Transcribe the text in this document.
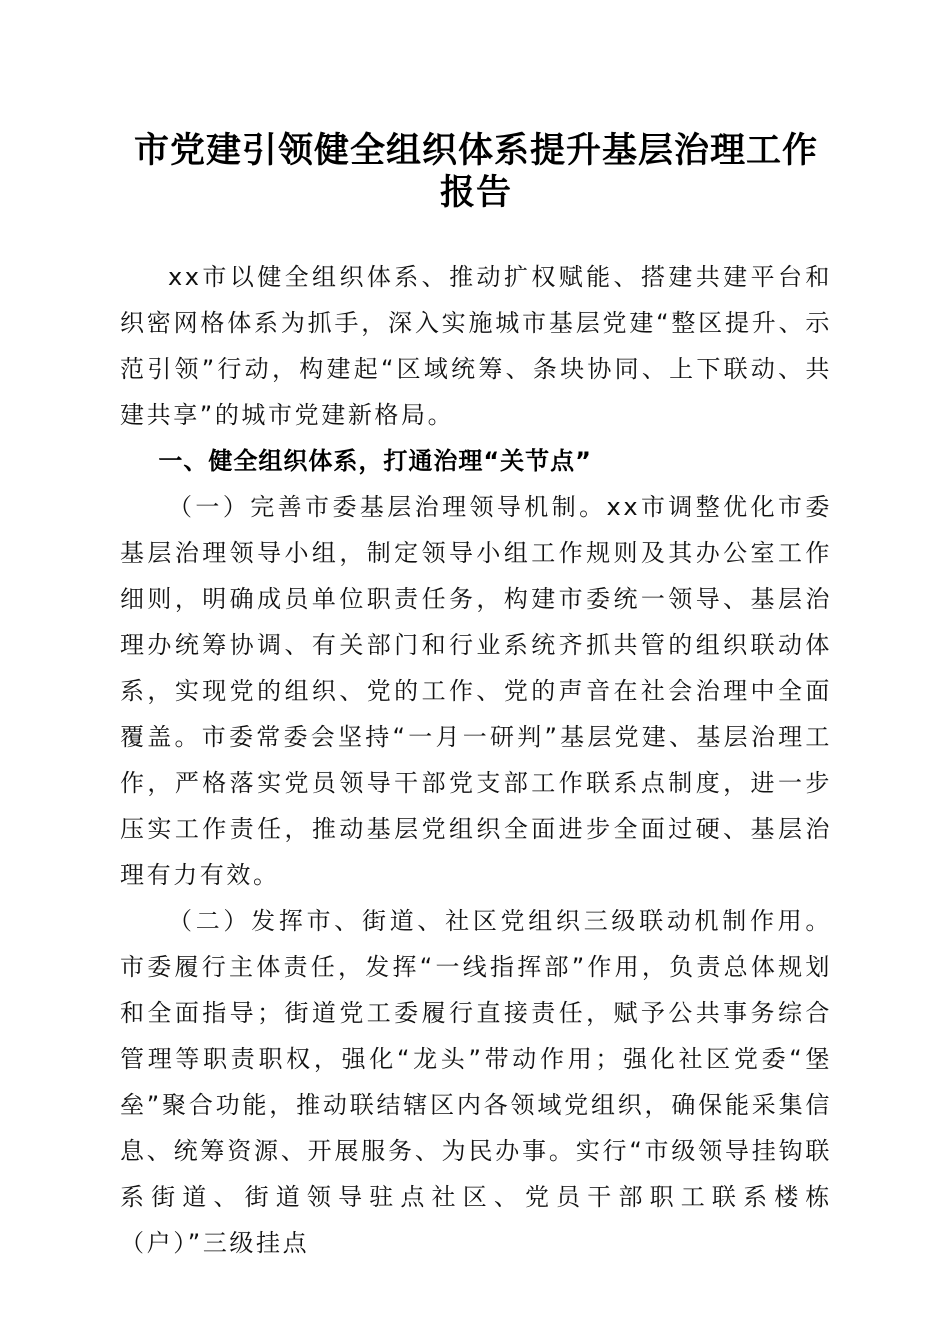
市党建引领健全组织体系提升基层治理工作报告

xx市以健全组织体系、推动扩权赋能、搭建共建平台和织密网格体系为抓手，深入实施城市基层党建“整区提升、示范引领”行动，构建起“区域统筹、条块协同、上下联动、共建共享”的城市党建新格局。

一、健全组织体系，打通治理“关节点”

（一）完善市委基层治理领导机制。xx市调整优化市委基层治理领导小组，制定领导小组工作规则及其办公室工作细则，明确成员单位职责任务，构建市委统一领导、基层治理办统筹协调、有关部门和行业系统齐抓共管的组织联动体系，实现党的组织、党的工作、党的声音在社会治理中全面覆盖。市委常委会坚持“一月一研判”基层党建、基层治理工作，严格落实党员领导干部党支部工作联系点制度，进一步压实工作责任，推动基层党组织全面进步全面过硬、基层治理有力有效。

（二）发挥市、街道、社区党组织三级联动机制作用。市委履行主体责任，发挥“一线指挥部”作用，负责总体规划和全面指导；街道党工委履行直接责任，赋予公共事务综合管理等职责职权，强化“龙头”带动作用；强化社区党委“堡垒”聚合功能，推动联结辖区内各领域党组织，确保能采集信息、统筹资源、开展服务、为民办事。实行“市级领导挂钩联系街道、街道领导驻点社区、党员干部职工联系楼栋（户）”三级挂点
